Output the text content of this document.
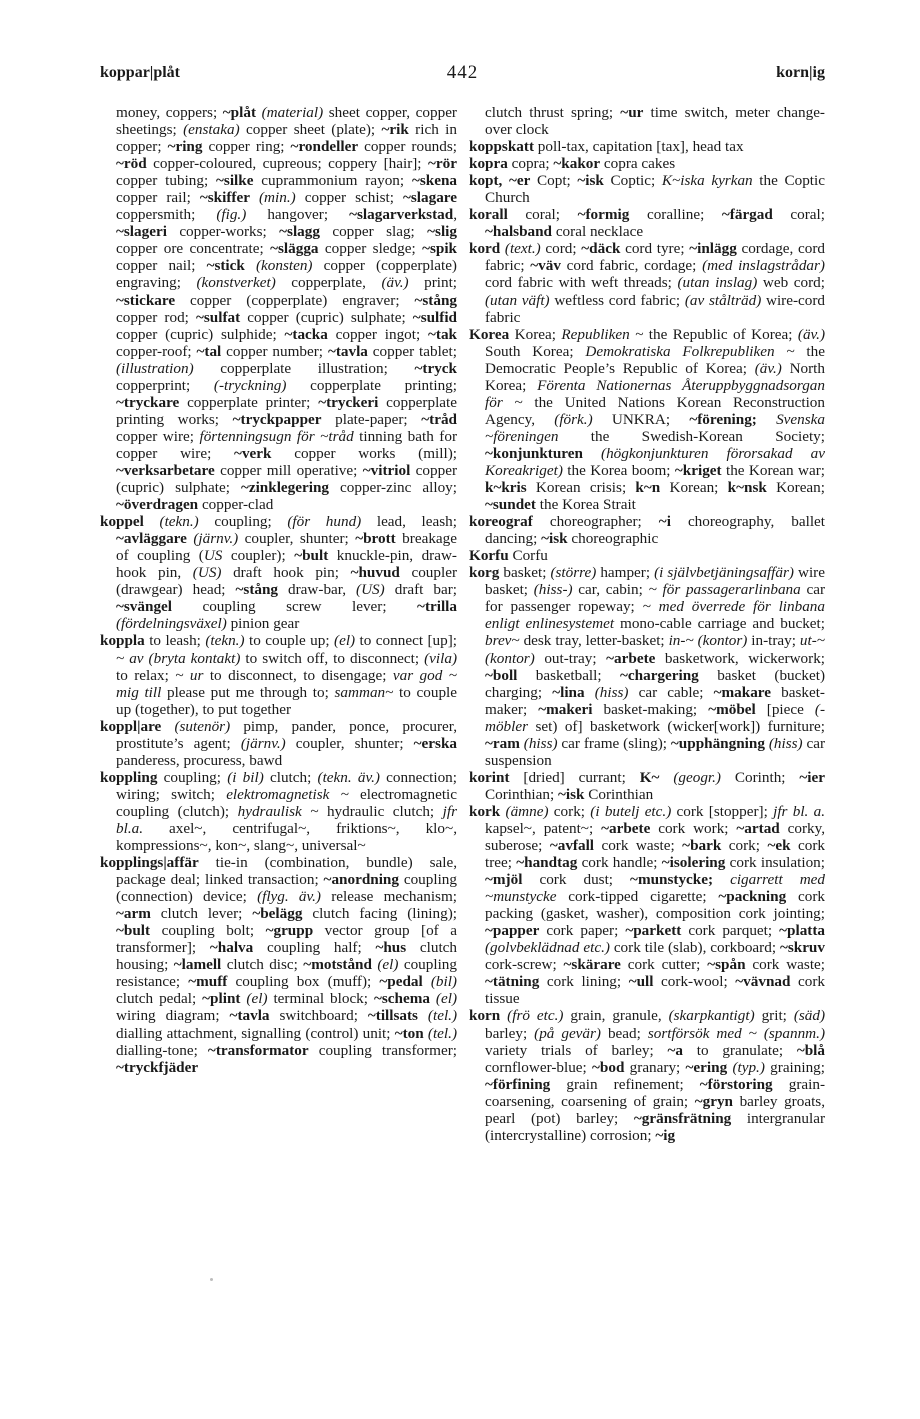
koppar|plåt	442	korn|ig

money, coppers; ~plåt (material) sheet copper, copper sheetings; (enstaka) copper sheet (plate); ~rik rich in copper; ~ring copper ring; ~rondeller copper rounds; ~röd copper-coloured, cupreous; coppery [hair]; ~rör copper tubing; ~silke cuprammonium rayon; ~skena copper rail; ~skiffer (min.) copper schist; ~slagare coppersmith; (fig.) hangover; ~slagarverkstad, ~slageri copper-works; ~slagg copper slag; ~slig copper ore concentrate; ~slägga copper sledge; ~spik copper nail; ~stick (konsten) copper (copperplate) engraving; (konstverket) copperplate, (äv.) print; ~stickare copper (copperplate) engraver; ~stång copper rod; ~sulfat copper (cupric) sulphate; ~sulfid copper (cupric) sulphide; ~tacka copper ingot; ~tak copper-roof; ~tal copper number; ~tavla copper tablet; (illustration) copperplate illustration; ~tryck copperprint; (-tryckning) copperplate printing; ~tryckare copperplate printer; ~tryckeri copperplate printing works; ~tryckpapper plate-paper; ~tråd copper wire; förtenningsugn för ~tråd tinning bath for copper wire; ~verk copper works (mill); ~verksarbetare copper mill operative; ~vitriol copper (cupric) sulphate; ~zinklegering copper-zinc alloy; ~överdragen copper-clad

koppel (tekn.) coupling; (för hund) lead, leash; ~avläggare (järnv.) coupler, shunter; ~brott breakage of coupling (US coupler); ~bult knuckle-pin, draw-hook pin, (US) draft hook pin; ~huvud coupler (drawgear) head; ~stång draw-bar, (US) draft bar; ~svängel coupling screw lever; ~trilla (fördelningsväxel) pinion gear

koppla to leash; (tekn.) to couple up; (el) to connect [up]; ~ av (bryta kontakt) to switch off, to disconnect; (vila) to relax; ~ ur to disconnect, to disengage; var god ~ mig till please put me through to; samman~ to couple up (together), to put together

koppl|are (sutenör) pimp, pander, ponce, procurer, prostitute’s agent; (järnv.) coupler, shunter; ~erska panderess, procuress, bawd

koppling coupling; (i bil) clutch; (tekn. äv.) connection; wiring; switch; elektromagnetisk ~ electromagnetic coupling (clutch); hydraulisk ~ hydraulic clutch; jfr bl.a. axel~, centrifugal~, friktions~, klo~, kompressions~, kon~, slang~, universal~

kopplings|affär tie-in (combination, bundle) sale, package deal; linked transaction; ~anordning coupling (connection) device; (flyg. äv.) release mechanism; ~arm clutch lever; ~belägg clutch facing (lining); ~bult coupling bolt; ~grupp vector group [of a transformer]; ~halva coupling half; ~hus clutch housing; ~lamell clutch disc; ~motstånd (el) coupling resistance; ~muff coupling box (muff); ~pedal (bil) clutch pedal; ~plint (el) terminal block; ~schema (el) wiring diagram; ~tavla switchboard; ~tillsats (tel.) dialling attachment, signalling (control) unit; ~ton (tel.) dialling-tone; ~transformator coupling transformer; ~tryckfjäder

clutch thrust spring; ~ur time switch, meter change-over clock

koppskatt poll-tax, capitation [tax], head tax

kopra copra; ~kakor copra cakes

kopt, ~er Copt; ~isk Coptic; K~iska kyrkan the Coptic Church

korall coral; ~formig coralline; ~färgad coral; ~halsband coral necklace

kord (text.) cord; ~däck cord tyre; ~inlägg cordage, cord fabric; ~väv cord fabric, cordage; (med inslagstrådar) cord fabric with weft threads; (utan inslag) web cord; (utan väft) weftless cord fabric; (av stålträd) wire-cord fabric

Korea Korea; Republiken ~ the Republic of Korea; (äv.) South Korea; Demokratiska Folkrepubliken ~ the Democratic People’s Republic of Korea; (äv.) North Korea; Förenta Nationernas Återuppbyggnadsorgan för ~ the United Nations Korean Reconstruction Agency, (förk.) UNKRA; ~förening; Svenska ~föreningen the Swedish-Korean Society; ~konjunkturen (högkonjunkturen förorsakad av Koreakriget) the Korea boom; ~kriget the Korean war; k~kris Korean crisis; k~n Korean; k~nsk Korean; ~sundet the Korea Strait

koreograf choreographer; ~i choreography, ballet dancing; ~isk choreographic

Korfu Corfu

korg basket; (större) hamper; (i självbetjäningsaffär) wire basket; (hiss-) car, cabin; ~ för passagerarlinbana car for passenger ropeway; ~ med överrede för linbana enligt enlinesystemet mono-cable carriage and bucket; brev~ desk tray, letter-basket; in-~ (kontor) in-tray; ut-~ (kontor) out-tray; ~arbete basketwork, wickerwork; ~boll basketball; ~chargering basket (bucket) charging; ~lina (hiss) car cable; ~makare basket-maker; ~makeri basket-making; ~möbel [piece (-möbler set) of] basketwork (wicker[work]) furniture; ~ram (hiss) car frame (sling); ~upphängning (hiss) car suspension

korint [dried] currant; K~ (geogr.) Corinth; ~ier Corinthian; ~isk Corinthian

kork (ämne) cork; (i butelj etc.) cork [stopper]; jfr bl. a. kapsel~, patent~; ~arbete cork work; ~artad corky, suberose; ~avfall cork waste; ~bark cork; ~ek cork tree; ~handtag cork handle; ~isolering cork insulation; ~mjöl cork dust; ~munstycke; cigarrett med ~munstycke cork-tipped cigarette; ~packning cork packing (gasket, washer), composition cork jointing; ~papper cork paper; ~parkett cork parquet; ~platta (golvbeklädnad etc.) cork tile (slab), corkboard; ~skruv cork-screw; ~skärare cork cutter; ~spån cork waste; ~tätning cork lining; ~ull cork-wool; ~vävnad cork tissue

korn (frö etc.) grain, granule, (skarpkantigt) grit; (säd) barley; (på gevär) bead; sortförsök med ~ (spannm.) variety trials of barley; ~a to granulate; ~blå cornflower-blue; ~bod granary; ~ering (typ.) graining; ~förfining grain refinement; ~förstoring grain-coarsening, coarsening of grain; ~gryn barley groats, pearl (pot) barley; ~gränsfrätning intergranular (intercrystalline) corrosion; ~ig
